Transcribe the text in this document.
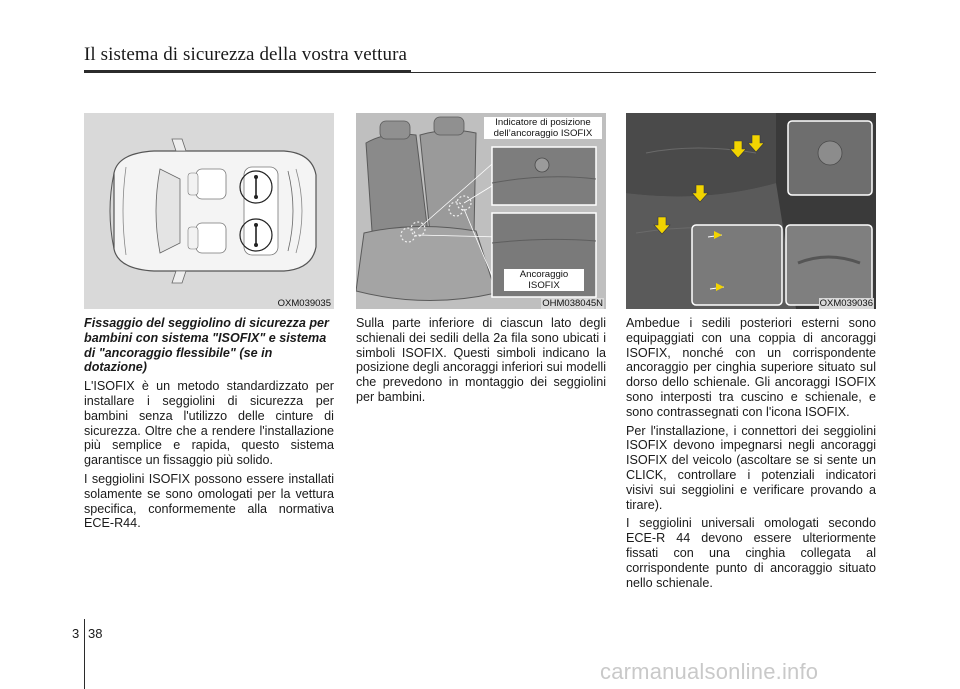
Il sistema di sicurezza della vostra vettura
OXM039035
Indicatore di posizione dell’ancoraggio ISOFIX
Ancoraggio ISOFIX
OHM038045N	OXM039036

Fissaggio del seggiolino di sicurezza per bambini con sistema "ISOFIX" e sistema di "ancoraggio flessibile" (se in dotazione)

L'ISOFIX è un metodo standardizzato per installare i seggiolini di sicurezza per bambini senza l'utilizzo delle cinture di sicurezza. Oltre che a rendere l'installazione più semplice e rapida, questo sistema garantisce un fissaggio più solido.

I seggiolini ISOFIX possono essere installati solamente se sono omologati per la vettura specifica, conformemente alla normativa ECE-R44.

Sulla parte inferiore di ciascun lato degli schienali dei sedili della 2a fila sono ubicati i simboli ISOFIX. Questi simboli indicano la posizione degli ancoraggi inferiori sui modelli che prevedono in montaggio dei seggiolini per bambini.

Ambedue i sedili posteriori esterni sono equipaggiati con una coppia di ancoraggi ISOFIX, nonché con un corrispondente ancoraggio per cinghia superiore situato sul dorso dello schienale. Gli ancoraggi ISOFIX sono interposti tra cuscino e schienale, e sono contrassegnati con l'icona ISOFIX.

Per l'installazione, i connettori dei seggiolini ISOFIX devono impegnarsi negli ancoraggi ISOFIX del veicolo (ascoltare se si sente un CLICK, controllare i potenziali indicatori visivi sui seggiolini e verificare provando a tirare).

I seggiolini universali omologati secondo ECE-R 44 devono essere ulteriormente fissati con una cinghia collegata al corrispondente punto di ancoraggio situato nello schienale.

3 38
carmanualsonline.info
